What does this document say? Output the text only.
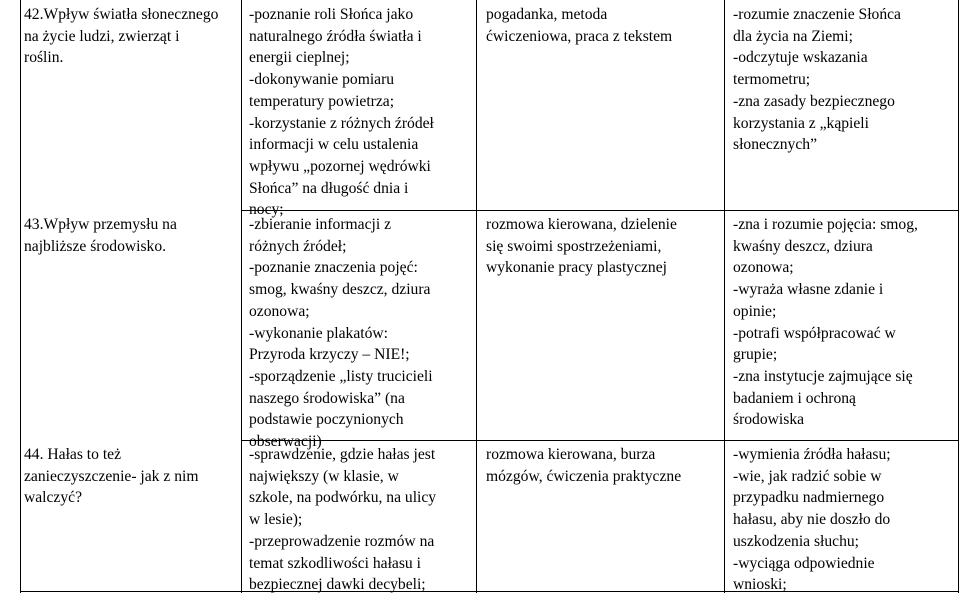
42.Wpływ światła słonecznego
na życie ludzi, zwierząt i
roślin.
-poznanie roli Słońca jako
naturalnego źródła światła i
energii cieplnej;
-dokonywanie pomiaru
temperatury powietrza;
-korzystanie z różnych źródeł
informacji w celu ustalenia
wpływu „pozornej wędrówki
Słońca” na długość dnia i
nocy;
pogadanka, metoda
ćwiczeniowa, praca z tekstem
-rozumie znaczenie Słońca
dla życia na Ziemi;
-odczytuje wskazania
termometru;
-zna zasady bezpiecznego
korzystania z „kąpieli
słonecznych”
43.Wpływ przemysłu na
najbliższe środowisko.
-zbieranie informacji z
różnych źródeł;
-poznanie znaczenia pojęć:
smog, kwaśny deszcz, dziura
ozonowa;
-wykonanie plakatów:
Przyroda krzyczy – NIE!;
-sporządzenie „listy trucicieli
naszego środowiska” (na
podstawie poczynionych
obserwacji)
rozmowa kierowana, dzielenie
się swoimi spostrzeżeniami,
wykonanie pracy plastycznej
-zna i rozumie pojęcia: smog,
kwaśny deszcz, dziura
ozonowa;
-wyraża własne zdanie i
opinie;
-potrafi współpracować w
grupie;
-zna instytucje zajmujące się
badaniem i ochroną
środowiska
44. Hałas to też
zanieczyszczenie- jak z nim
walczyć?
-sprawdzenie, gdzie hałas jest
największy (w klasie, w
szkole, na podwórku, na ulicy
w lesie);
-przeprowadzenie rozmów na
temat szkodliwości hałasu i
bezpiecznej dawki decybeli;
rozmowa kierowana, burza
mózgów, ćwiczenia praktyczne
-wymienia źródła hałasu;
-wie, jak radzić sobie w
przypadku nadmiernego
hałasu, aby nie doszło do
uszkodzenia słuchu;
-wyciąga odpowiednie
wnioski;
